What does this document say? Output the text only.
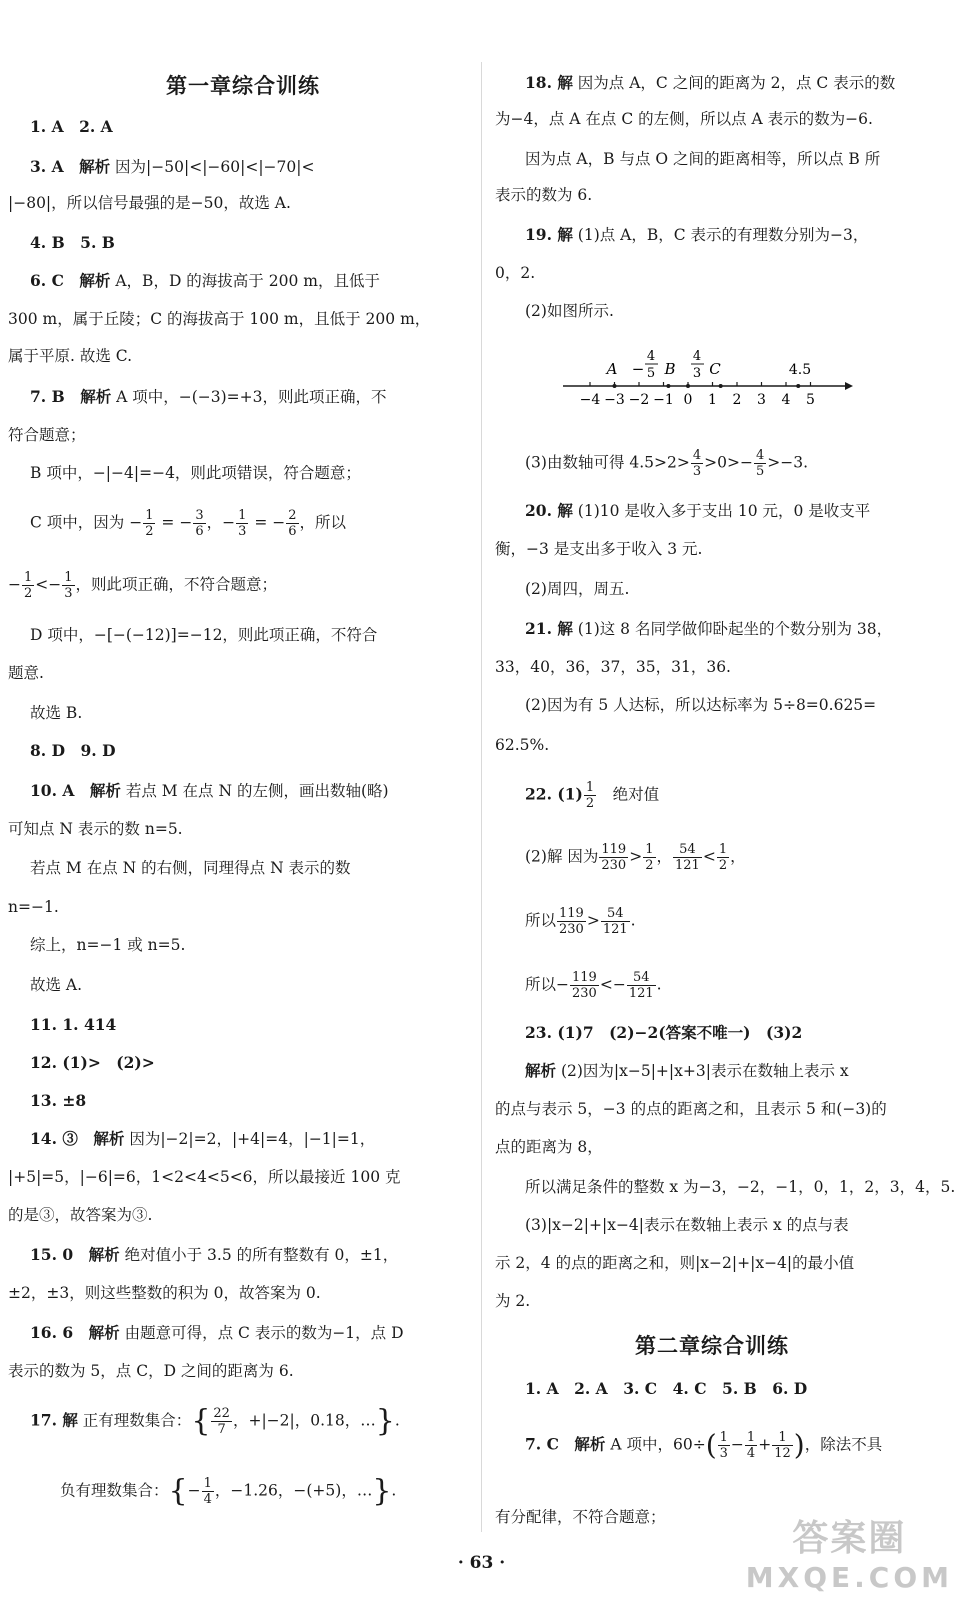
第一章综合训练
1. A　2. A
3. A　解析 因为|−50|<|−60|<|−70|<
|−80|，所以信号最强的是−50，故选 A.
4. B　5. B
6. C　解析 A，B，D 的海拔高于 200 m，且低于
300 m，属于丘陵；C 的海拔高于 100 m，且低于 200 m，
属于平原. 故选 C.
7. B　解析 A 项中，−(−3)=+3，则此项正确，不
符合题意；
B 项中，−|−4|=−4，则此项错误，符合题意；
C 项中，因为 − $\frac{1}{2}$ = − $\frac{3}{6}$ ，− $\frac{1}{3}$ = − $\frac{2}{6}$ ，所以
− $\frac{1}{2} <- \frac{1}{3}$ ，则此项正确，不符合题意；
D 项中，−[−(−12)]=−12，则此项正确，不符合
题意.
故选 B.
8. D　9. D
10. A　解析 若点 M 在点 N 的左侧，画出数轴(略)
可知点 N 表示的数 n=5.
若点 M 在点 N 的右侧，同理得点 N 表示的数
n=−1.
综上，n=−1 或 n=5.
故选 A.
11. 1. 414
12. (1)>　(2)>
13. ±8
14. ③　解析 因为|−2|=2，|+4|=4，|−1|=1，
|+5|=5，|−6|=6，1<2<4<5<6，所以最接近 100 克
的是③，故答案为③.
15. 0　解析 绝对值小于 3.5 的所有整数有 0，±1，
±2，±3，则这些整数的积为 0，故答案为 0.
16. 6　解析 由题意可得，点 C 表示的数为−1，点 D
表示的数为 5，点 C，D 之间的距离为 6.
17. 解 正有理数集合：{ $\frac{22}{7}$ ，+|−2|，0.18，…}.
负有理数集合：{− $\frac{1}{4}$ ，−1.26，−(+5)，…}.
18. 解 因为点 A，C 之间的距离为 2，点 C 表示的数
为−4，点 A 在点 C 的左侧，所以点 A 表示的数为−6.
因为点 A，B 与点 O 之间的距离相等，所以点 B 所
表示的数为 6.
19. 解 (1)点 A，B，C 表示的有理数分别为−3，
0，2.
(2)如图所示.
−4 −3 −2 −1 0 1 2 3 4 5
A −
4
5 B
4
3 C	4.5
(3)由数轴可得 $4.5>2> \frac{4}{3} >0>- \frac{4}{5} >-3$.
20. 解 (1)10 是收入多于支出 10 元，0 是收支平
衡，−3 是支出多于收入 3 元.
(2)周四，周五.
21. 解 (1)这 8 名同学做仰卧起坐的个数分别为 38，
33，40，36，37，35，31，36.
(2)因为有 5 人达标，所以达标率为 5÷8=0.625=
62.5%.
22. $(1) \frac{1}{2}$ 　绝对值
(2)解 因为 $\frac{119}{230} > \frac{1}{2}$ ， $\frac{54}{121} < \frac{1}{2}$ ，
所以 $\frac{119}{230} > \frac{54}{121}$ .
所以− $\frac{119}{230} <- \frac{54}{121}$ .
23. (1)7　(2)−2(答案不唯一)　(3)2
解析 (2)因为|x−5|+|x+3|表示在数轴上表示 x
的点与表示 5，−3 的点的距离之和，且表示 5 和(−3)的
点的距离为 8，
所以满足条件的整数 x 为−3，−2，−1，0，1，2，3，4，5.
(3)|x−2|+|x−4|表示在数轴上表示 x 的点与表
示 2，4 的点的距离之和，则|x−2|+|x−4|的最小值
为 2.
第二章综合训练
1. A　2. A　3. C　4. C　5. B　6. D
7. C　解析 A 项中，$60\div( \frac{1}{3} - \frac{1}{4} + \frac{1}{12}$ )，除法不具
有分配律，不符合题意；
· 63 ·
答案圈
MXQE.COM
